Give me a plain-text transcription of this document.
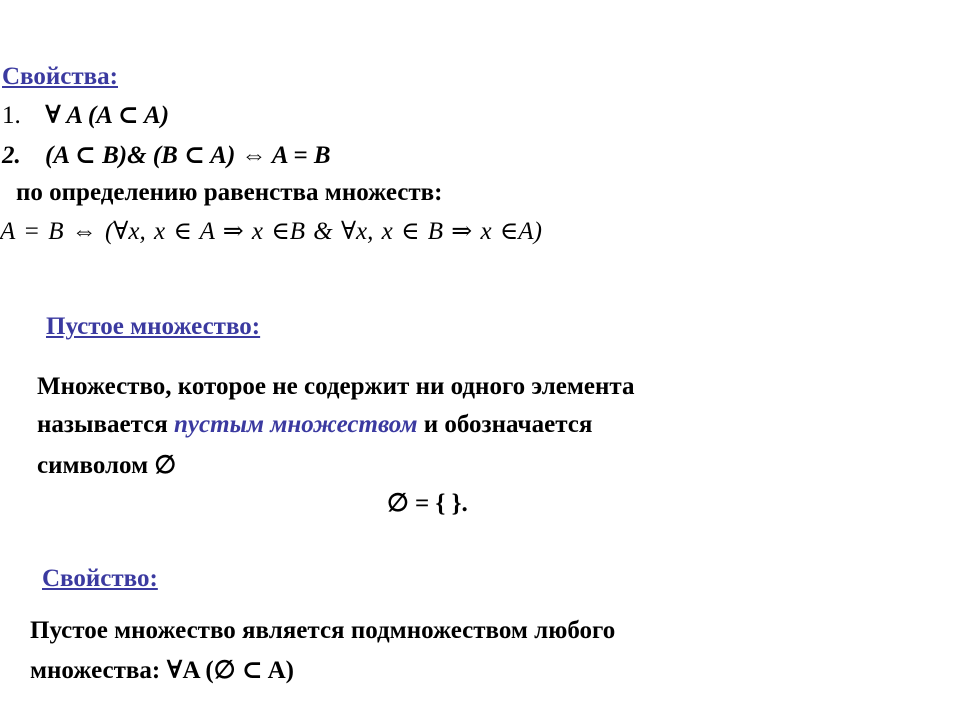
Свойства:
1. ∀ A (A ⊂ A)
2. (A ⊂ B)& (B ⊂ A) ⇔ A = B
по определению равенства множеств:
A = B ⇔ (∀x, x ∈ A ⇒ x ∈B & ∀x, x ∈ B ⇒ x ∈A)
Пустое множество:
Множество, которое не содержит ни одного элемента
называется пустым множеством и обозначается
символом ∅
∅ = { }.
Свойство:
Пустое множество является подмножеством любого
множества: ∀A (∅ ⊂ A)
